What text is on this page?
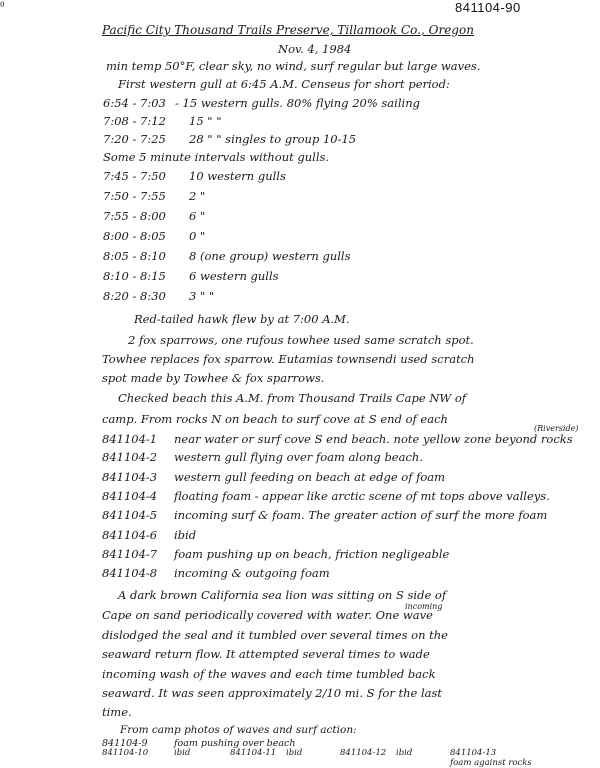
841104-90
0
Pacific City Thousand Trails Preserve, Tillamook Co., Oregon
Nov. 4, 1984
min temp 50°F, clear sky, no wind, surf regular but large waves.
First western gull at 6:45 A.M. Censeus for short period:
6:54 - 7:03 - 15 western gulls. 80% flying 20% sailing
7:08 - 7:12 15 " "
7:20 - 7:25 28 " " singles to group 10-15
Some 5 minute intervals without gulls.
7:45 - 7:50 10 western gulls
7:50 - 7:55 2 "
7:55 - 8:00 6 "
8:00 - 8:05 0 "
8:05 - 8:10 8 (one group) western gulls
8:10 - 8:15 6 western gulls
8:20 - 8:30 3 " "
Red-tailed hawk flew by at 7:00 A.M.
2 fox sparrows, one rufous towhee used same scratch spot.
Towhee replaces fox sparrow. Eutamias townsendi used scratch
spot made by Towhee & fox sparrows.
Checked beach this A.M. from Thousand Trails Cape NW of
camp. From rocks N on beach to surf cove at S end of each
(Riverside)
841104-1 near water or surf cove S end beach. note yellow zone beyond rocks
841104-2 western gull flying over foam along beach.
841104-3 western gull feeding on beach at edge of foam
841104-4 floating foam - appear like arctic scene of mt tops above valleys.
841104-5 incoming surf & foam. The greater action of surf the more foam
841104-6 ibid
841104-7 foam pushing up on beach, friction negligeable
841104-8 incoming & outgoing foam
A dark brown California sea lion was sitting on S side of
incoming
Cape on sand periodically covered with water. One wave
dislodged the seal and it tumbled over several times on the
seaward return flow. It attempted several times to wade
incoming wash of the waves and each time tumbled back
seaward. It was seen approximately 2/10 mi. S for the last
time.
From camp photos of waves and surf action:
841104-9	foam pushing over beach
841104-10	ibid	841104-11 ibid	841104-12 ibid	841104-13
foam against rocks
